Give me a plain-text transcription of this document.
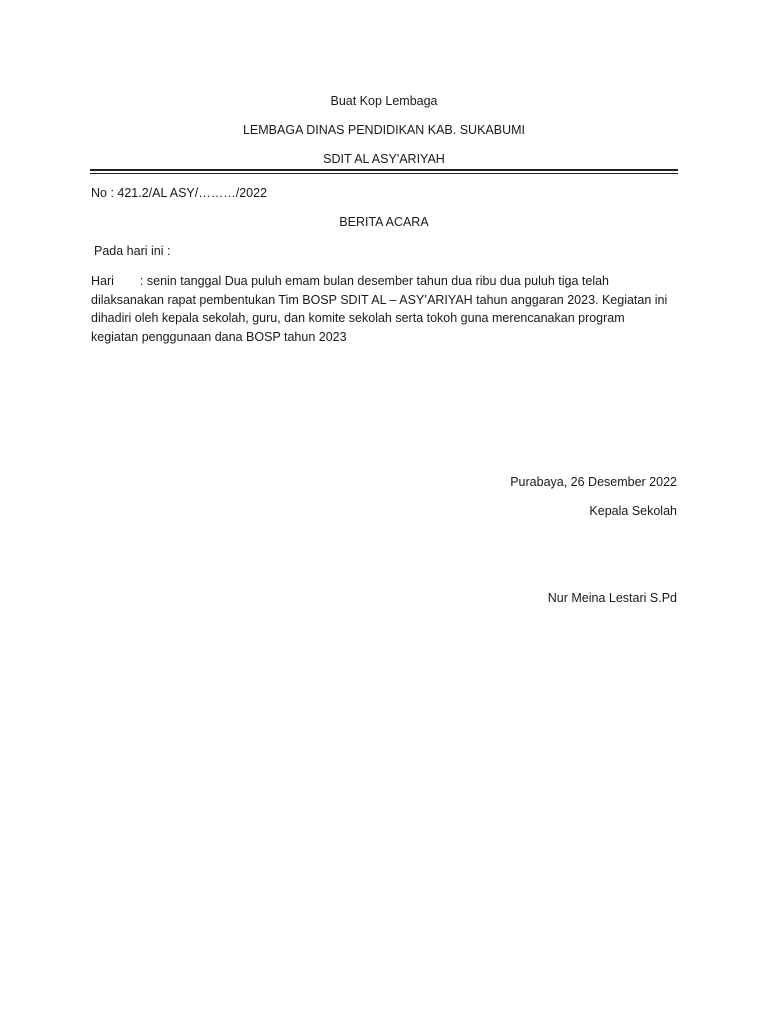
Buat Kop Lembaga
LEMBAGA DINAS PENDIDIKAN KAB. SUKABUMI
SDIT AL ASY'ARIYAH
No : 421.2/AL ASY/………/2022
BERITA ACARA
Pada hari ini :
Hari : senin tanggal Dua puluh emam bulan desember tahun dua ribu dua puluh tiga telah
dilaksanakan rapat pembentukan Tim BOSP SDIT AL – ASY’ARIYAH tahun anggaran 2023. Kegiatan ini
dihadiri oleh kepala sekolah, guru, dan komite sekolah serta tokoh guna merencanakan program
kegiatan penggunaan dana BOSP tahun 2023
Purabaya, 26 Desember 2022
Kepala Sekolah
Nur Meina Lestari S.Pd
